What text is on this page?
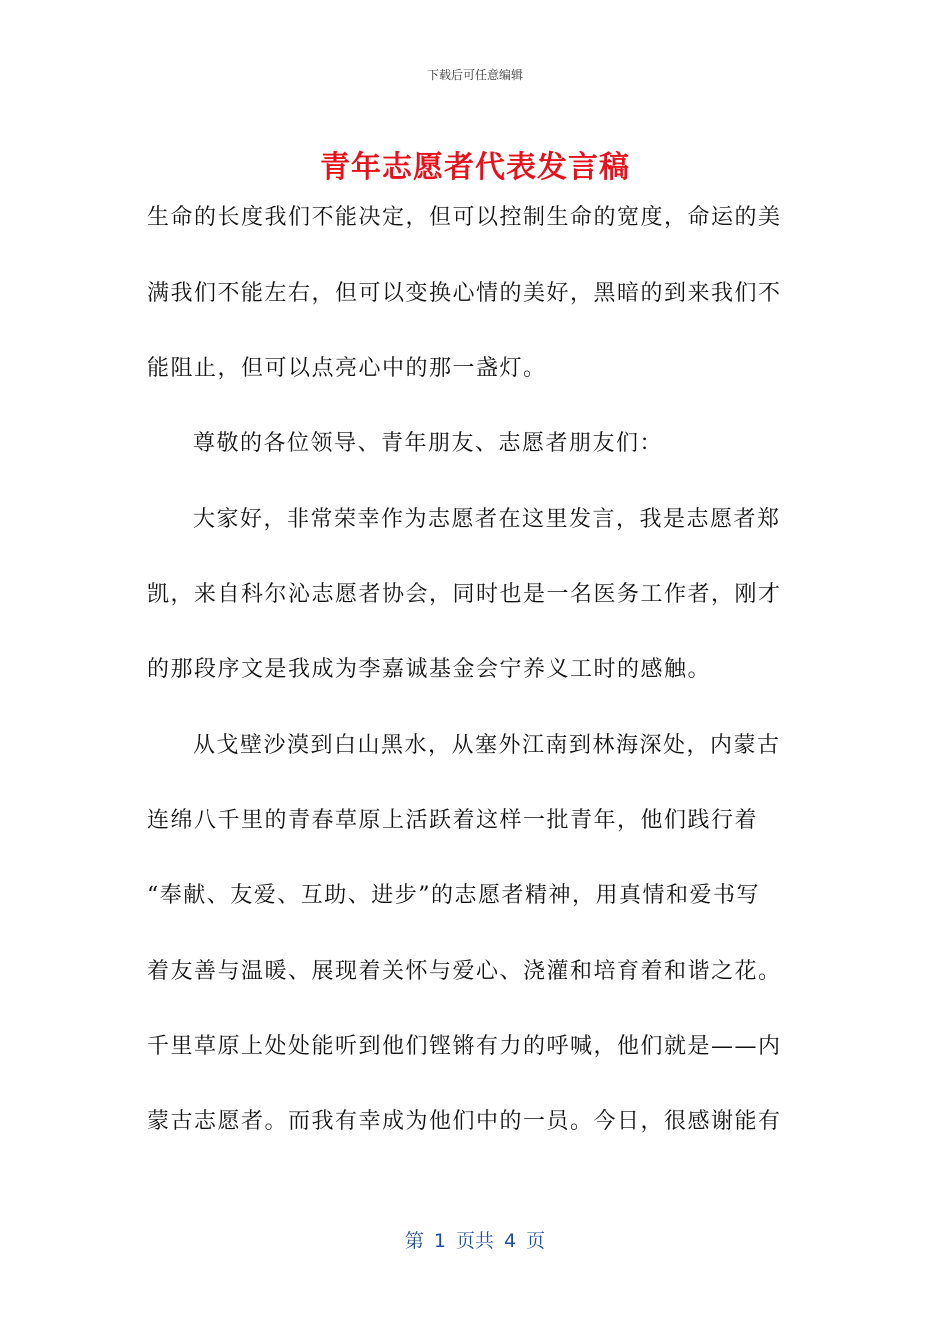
下载后可任意编辑
青年志愿者代表发言稿
生命的长度我们不能决定，但可以控制生命的宽度，命运的美
满我们不能左右，但可以变换心情的美好，黑暗的到来我们不
能阻止，但可以点亮心中的那一盏灯。
尊敬的各位领导、青年朋友、志愿者朋友们：
大家好，非常荣幸作为志愿者在这里发言，我是志愿者郑
凯，来自科尔沁志愿者协会，同时也是一名医务工作者，刚才
的那段序文是我成为李嘉诚基金会宁养义工时的感触。
从戈壁沙漠到白山黑水，从塞外江南到林海深处，内蒙古
连绵八千里的青春草原上活跃着这样一批青年，他们践行着
“奉献、友爱、互助、进步”的志愿者精神，用真情和爱书写
着友善与温暖、展现着关怀与爱心、浇灌和培育着和谐之花。
千里草原上处处能听到他们铿锵有力的呼喊，他们就是——内
蒙古志愿者。而我有幸成为他们中的一员。今日，很感谢能有
第 1 页共 4 页
